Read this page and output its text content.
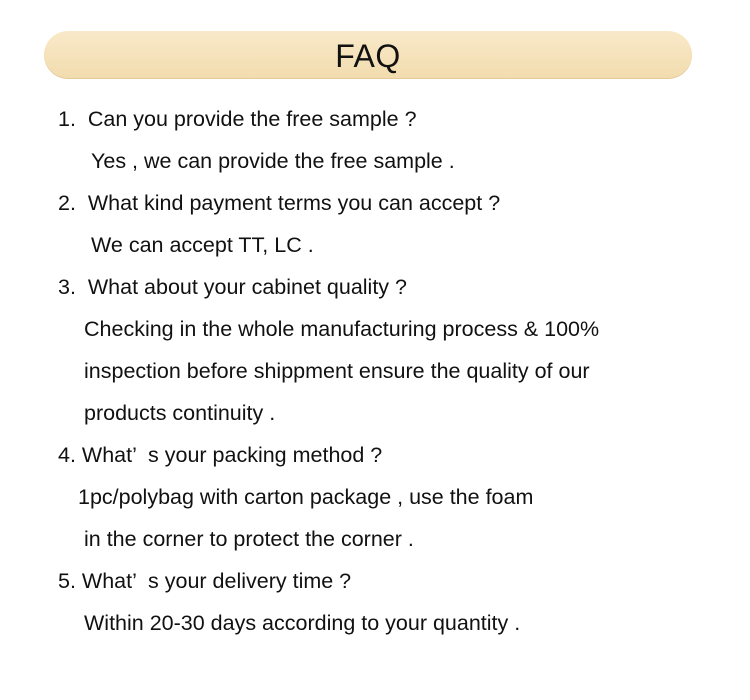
FAQ
1.  Can you provide the free sample ?
Yes , we can provide the free sample .
2.  What kind payment terms you can accept ?
We can accept TT, LC .
3.  What about your cabinet quality ?
Checking in the whole manufacturing process & 100%
inspection before shippment ensure the quality of our
products continuity .
4. What’  s your packing method ?
1pc/polybag with carton package , use the foam
in the corner to protect the corner .
5. What’  s your delivery time ?
Within 20-30 days according to your quantity .
